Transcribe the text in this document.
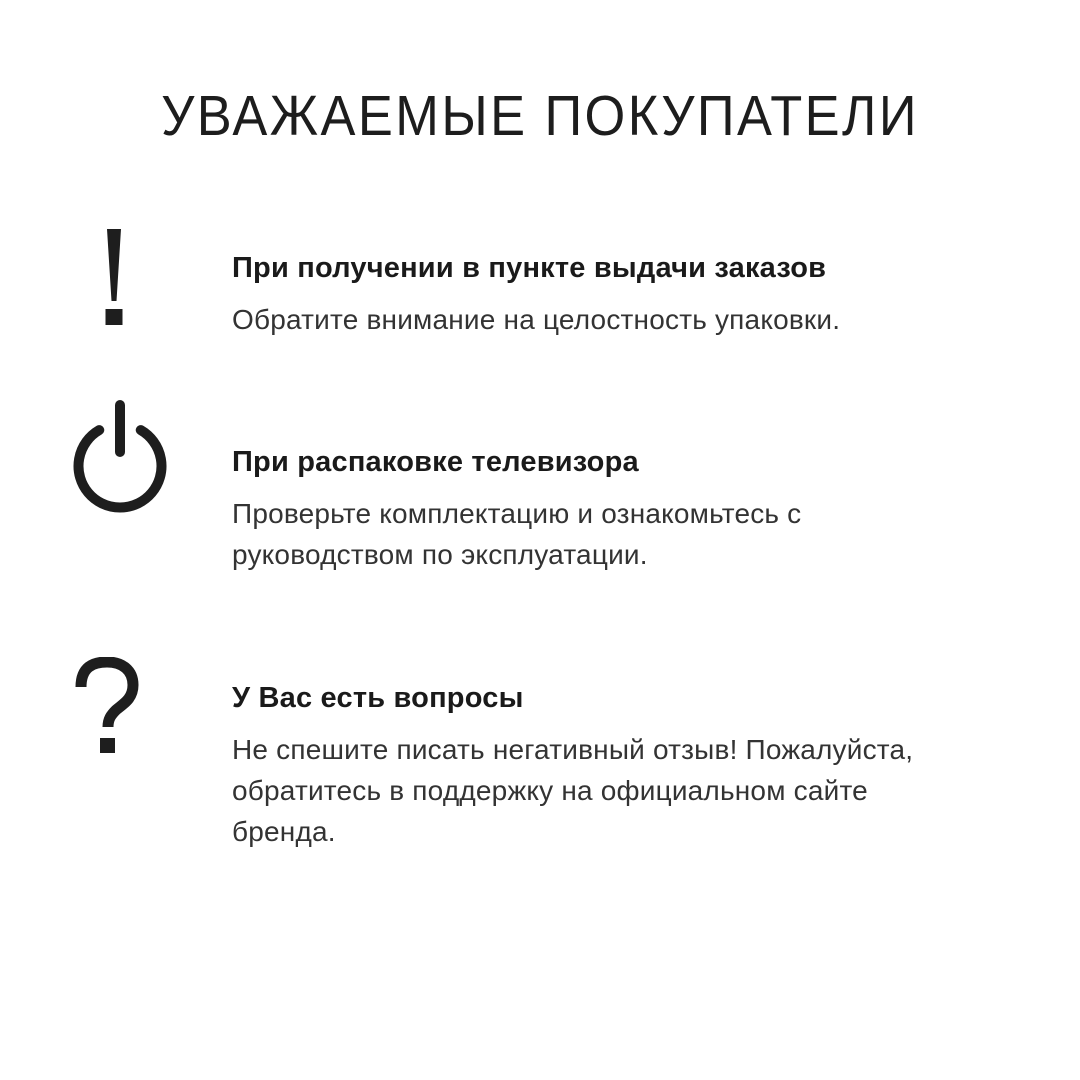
УВАЖАЕМЫЕ ПОКУПАТЕЛИ
При получении в пункте выдачи заказов
Обратите внимание на целостность упаковки.
При распаковке телевизора
Проверьте комплектацию и ознакомьтесь с
руководством по эксплуатации.
У Вас есть вопросы
Не спешите писать негативный отзыв! Пожалуйста,
обратитесь в поддержку на официальном сайте
бренда.
